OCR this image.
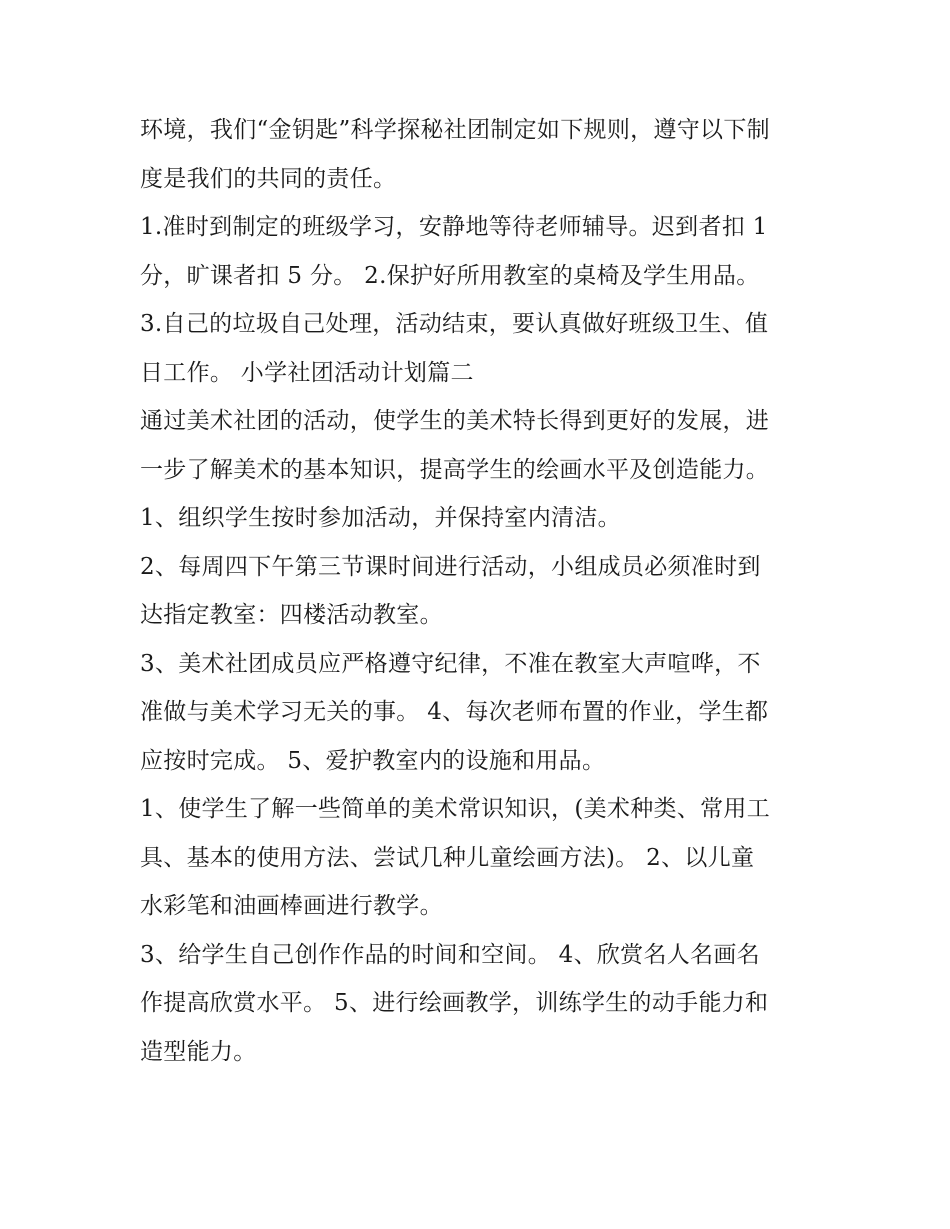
环境，我们“金钥匙”科学探秘社团制定如下规则，遵守以下制
度是我们的共同的责任。

1.准时到制定的班级学习，安静地等待老师辅导。迟到者扣 1
分，旷课者扣 5 分。 2.保护好所用教室的桌椅及学生用品。

3.自己的垃圾自己处理，活动结束，要认真做好班级卫生、值
日工作。 小学社团活动计划篇二

通过美术社团的活动，使学生的美术特长得到更好的发展，进
一步了解美术的基本知识，提高学生的绘画水平及创造能力。

1、组织学生按时参加活动，并保持室内清洁。

2、每周四下午第三节课时间进行活动，小组成员必须准时到
达指定教室：四楼活动教室。

3、美术社团成员应严格遵守纪律，不准在教室大声喧哗，不
准做与美术学习无关的事。 4、每次老师布置的作业，学生都
应按时完成。 5、爱护教室内的设施和用品。

1、使学生了解一些简单的美术常识知识，(美术种类、常用工
具、基本的使用方法、尝试几种儿童绘画方法)。 2、以儿童
水彩笔和油画棒画进行教学。

3、给学生自己创作作品的时间和空间。 4、欣赏名人名画名
作提高欣赏水平。 5、进行绘画教学，训练学生的动手能力和
造型能力。
